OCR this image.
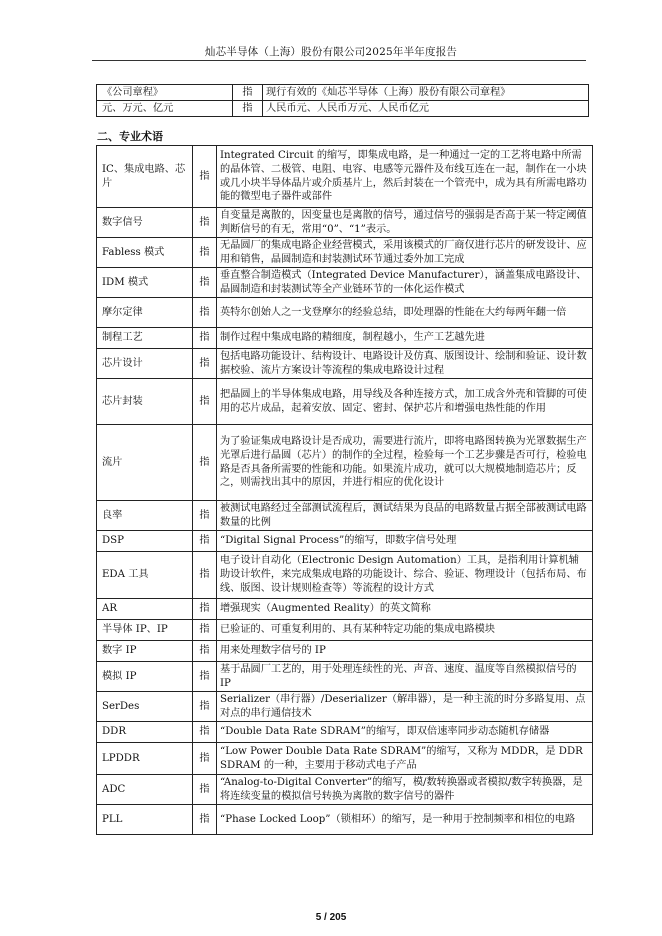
灿芯半导体（上海）股份有限公司2025年半年度报告
《公司章程》	指	现行有效的《灿芯半导体（上海）股份有限公司章程》
元、万元、亿元	指	人民币元、人民币万元、人民币亿元
二、专业术语
IC、集成电路、芯片	指	Integrated Circuit 的缩写，即集成电路，是一种通过一定的工艺将电路中所需的晶体管、二极管、电阻、电容、电感等元器件及布线互连在一起，制作在一小块或几小块半导体晶片或介质基片上，然后封装在一个管壳中，成为具有所需电路功能的微型电子器件或部件
数字信号	指	自变量是离散的，因变量也是离散的信号，通过信号的强弱是否高于某一特定阈值判断信号的有无，常用“0”、“1”表示。
Fabless 模式	指	无晶圆厂的集成电路企业经营模式，采用该模式的厂商仅进行芯片的研发设计、应用和销售，晶圆制造和封装测试环节通过委外加工完成
IDM 模式	指	垂直整合制造模式（Integrated Device Manufacturer），涵盖集成电路设计、晶圆制造和封装测试等全产业链环节的一体化运作模式
摩尔定律	指	英特尔创始人之一戈登摩尔的经验总结，即处理器的性能在大约每两年翻一倍
制程工艺	指	制作过程中集成电路的精细度，制程越小，生产工艺越先进
芯片设计	指	包括电路功能设计、结构设计、电路设计及仿真、版图设计、绘制和验证、设计数据校验、流片方案设计等流程的集成电路设计过程
芯片封装	指	把晶圆上的半导体集成电路，用导线及各种连接方式，加工成含外壳和管脚的可使用的芯片成品，起着安放、固定、密封、保护芯片和增强电热性能的作用
流片	指	为了验证集成电路设计是否成功，需要进行流片，即将电路图转换为光罩数据生产光罩后进行晶圆（芯片）的制作的全过程，检验每一个工艺步骤是否可行，检验电路是否具备所需要的性能和功能。如果流片成功，就可以大规模地制造芯片；反之，则需找出其中的原因，并进行相应的优化设计
良率	指	被测试电路经过全部测试流程后，测试结果为良品的电路数量占据全部被测试电路数量的比例
DSP	指	“Digital Signal Process”的缩写，即数字信号处理
EDA 工具	指	电子设计自动化（Electronic Design Automation）工具，是指利用计算机辅助设计软件，来完成集成电路的功能设计、综合、验证、物理设计（包括布局、布线、版图、设计规则检查等）等流程的设计方式
AR	指	增强现实（Augmented Reality）的英文简称
半导体 IP、IP	指	已验证的、可重复利用的、具有某种特定功能的集成电路模块
数字 IP	指	用来处理数字信号的 IP
模拟 IP	指	基于晶圆厂工艺的，用于处理连续性的光、声音、速度、温度等自然模拟信号的 IP
SerDes	指	Serializer（串行器）/Deserializer（解串器），是一种主流的时分多路复用、点对点的串行通信技术
DDR	指	“Double Data Rate SDRAM”的缩写，即双倍速率同步动态随机存储器
LPDDR	指	“Low Power Double Data Rate SDRAM”的缩写，又称为 MDDR，是 DDR SDRAM 的一种，主要用于移动式电子产品
ADC	指	“Analog-to-Digital Converter”的缩写，模/数转换器或者模拟/数字转换器，是将连续变量的模拟信号转换为离散的数字信号的器件
PLL	指	“Phase Locked Loop”（锁相环）的缩写，是一种用于控制频率和相位的电路
5 / 205
